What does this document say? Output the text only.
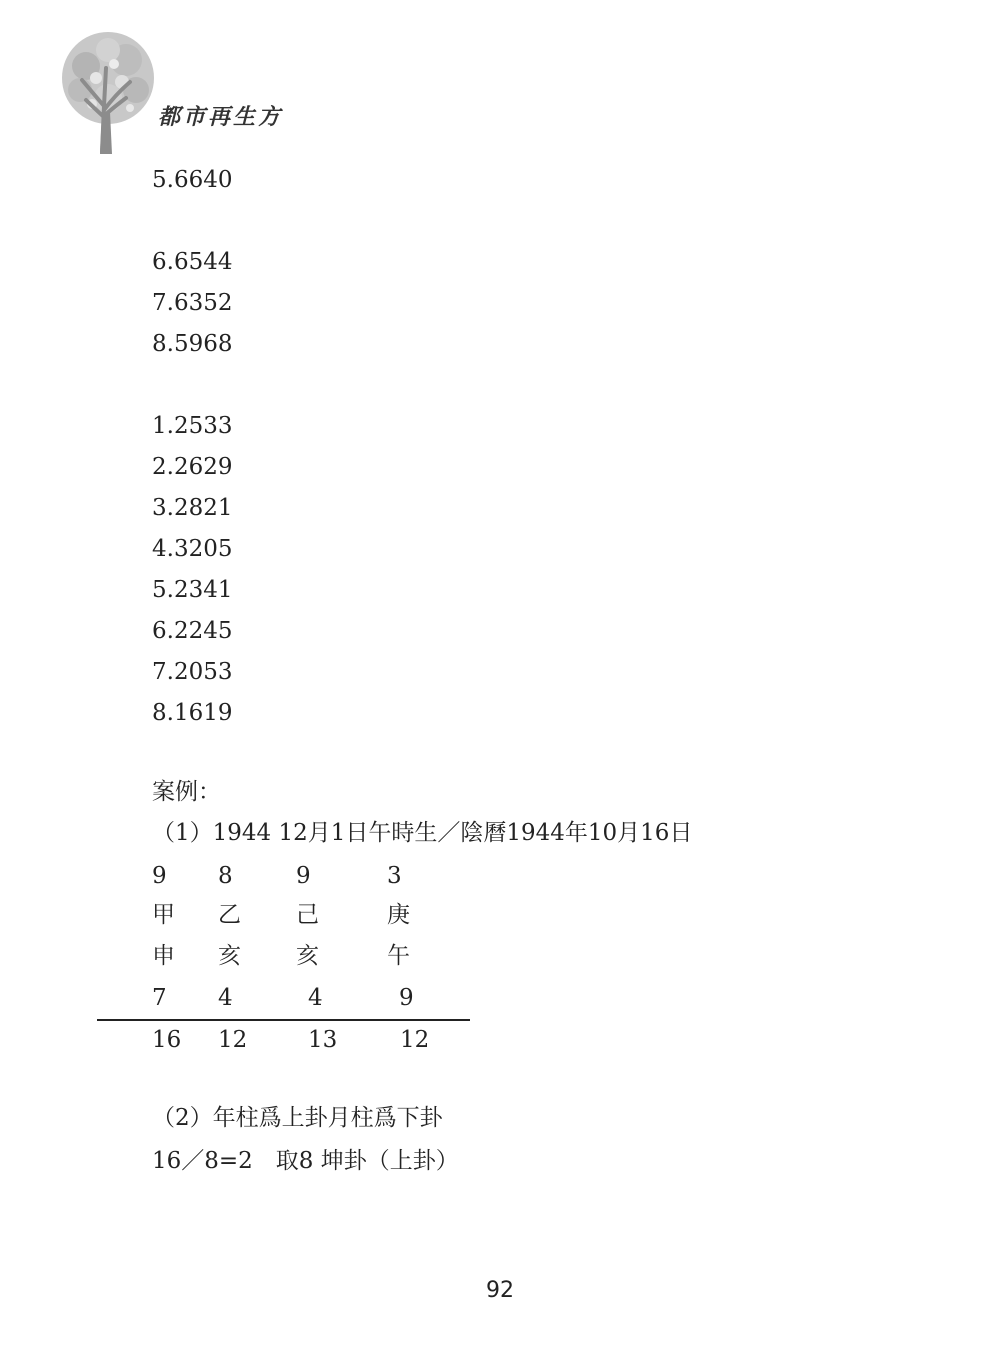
都市再生方
5.6640
6.6544
7.6352
8.5968
1.2533
2.2629
3.2821
4.3205
5.2341
6.2245
7.2053
8.1619
案例：
（1）1944 12月1日午時生／陰曆1944年10月16日
9 8	9	3
甲 乙 己	庚
申 亥 亥	午
7 4	4	9
16 12	13	12
（2）年柱爲上卦月柱爲下卦
16／8=2　取8 坤卦（上卦）
92
